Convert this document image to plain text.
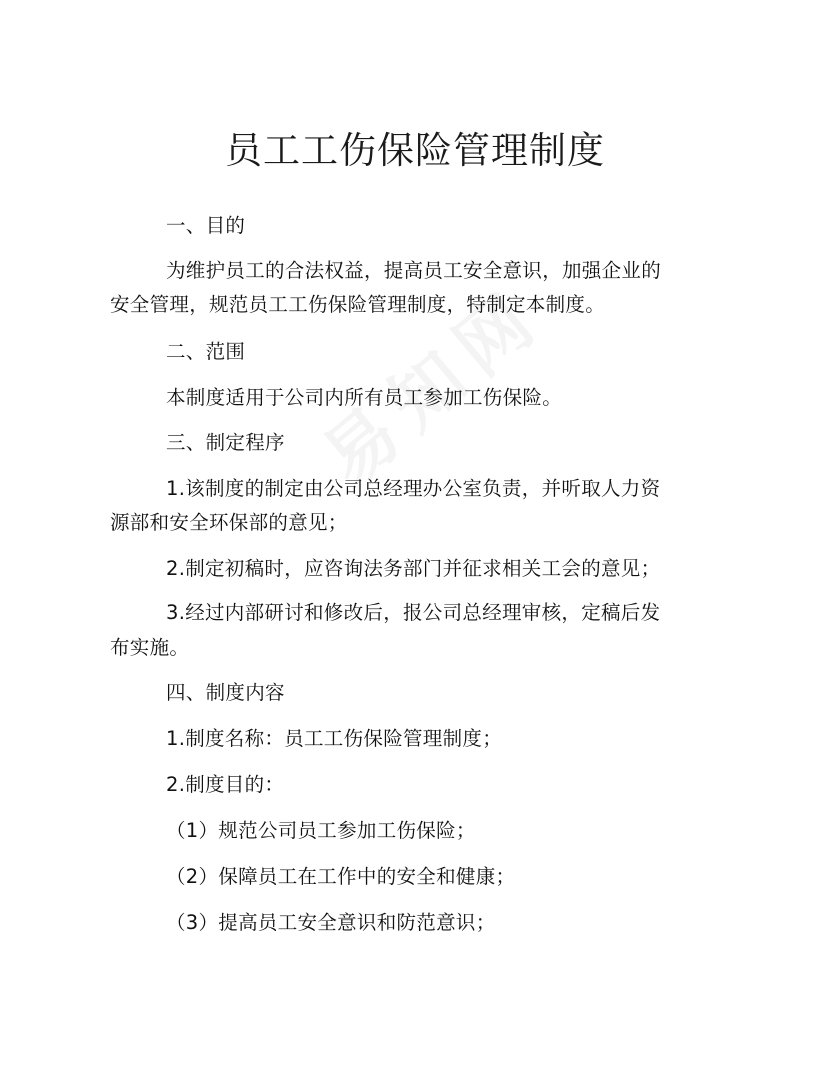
员工工伤保险管理制度

一、目的

为维护员工的合法权益，提高员工安全意识，加强企业的

安全管理，规范员工工伤保险管理制度，特制定本制度。

二、范围

本制度适用于公司内所有员工参加工伤保险。

三、制定程序

1.该制度的制定由公司总经理办公室负责，并听取人力资

源部和安全环保部的意见；

2.制定初稿时，应咨询法务部门并征求相关工会的意见；

3.经过内部研讨和修改后，报公司总经理审核，定稿后发

布实施。

四、制度内容

1.制度名称：员工工伤保险管理制度；

2.制度目的：

（1）规范公司员工参加工伤保险；

（2）保障员工在工作中的安全和健康；

（3）提高员工安全意识和防范意识；
